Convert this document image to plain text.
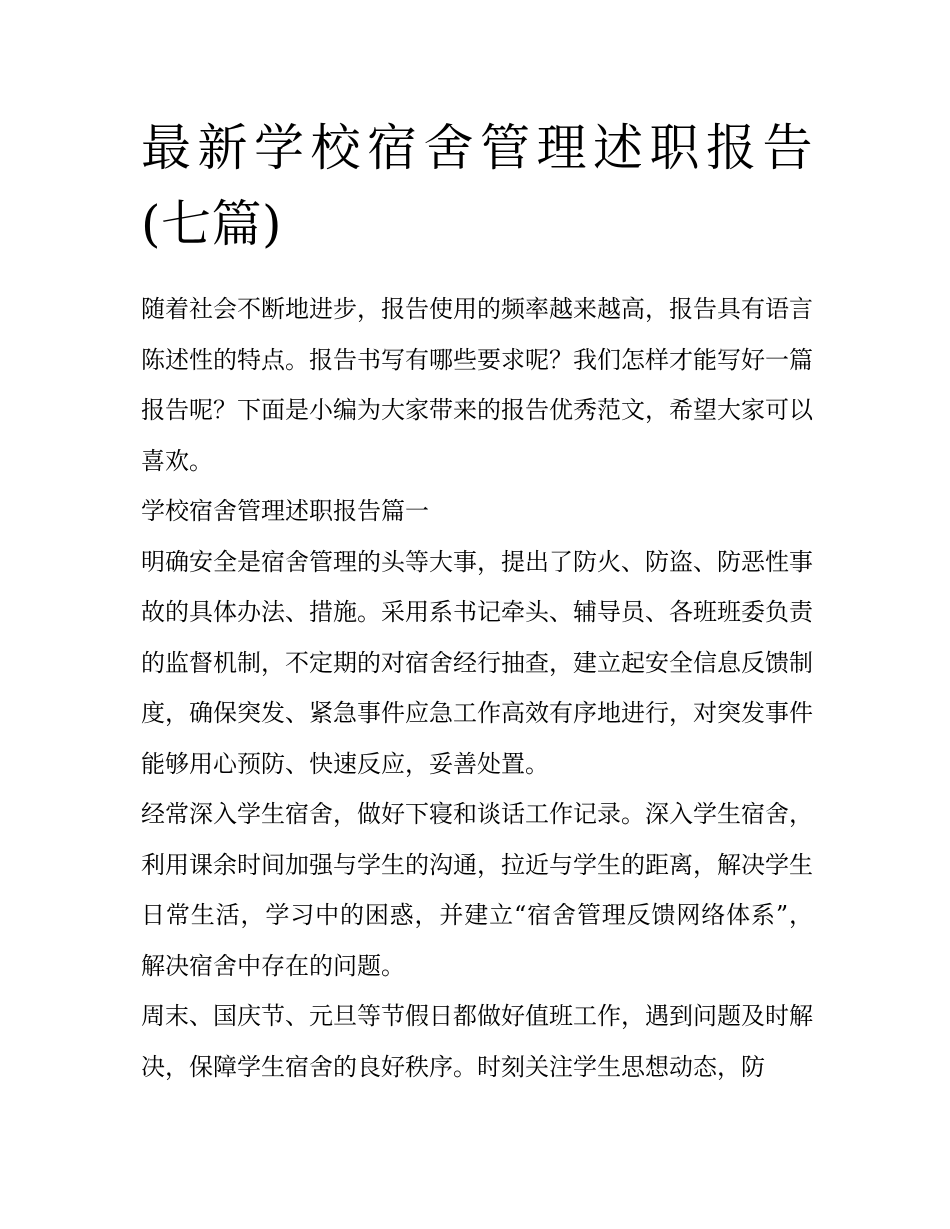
最新学校宿舍管理述职报告(七篇)

随着社会不断地进步，报告使用的频率越来越高，报告具有语言陈述性的特点。报告书写有哪些要求呢？我们怎样才能写好一篇报告呢？下面是小编为大家带来的报告优秀范文，希望大家可以喜欢。

学校宿舍管理述职报告篇一

明确安全是宿舍管理的头等大事，提出了防火、防盗、防恶性事故的具体办法、措施。采用系书记牵头、辅导员、各班班委负责的监督机制，不定期的对宿舍经行抽查，建立起安全信息反馈制度，确保突发、紧急事件应急工作高效有序地进行，对突发事件能够用心预防、快速反应，妥善处置。

经常深入学生宿舍，做好下寝和谈话工作记录。深入学生宿舍，利用课余时间加强与学生的沟通，拉近与学生的距离，解决学生日常生活，学习中的困惑，并建立“宿舍管理反馈网络体系”，解决宿舍中存在的问题。

周末、国庆节、元旦等节假日都做好值班工作，遇到问题及时解决，保障学生宿舍的良好秩序。时刻关注学生思想动态，防
